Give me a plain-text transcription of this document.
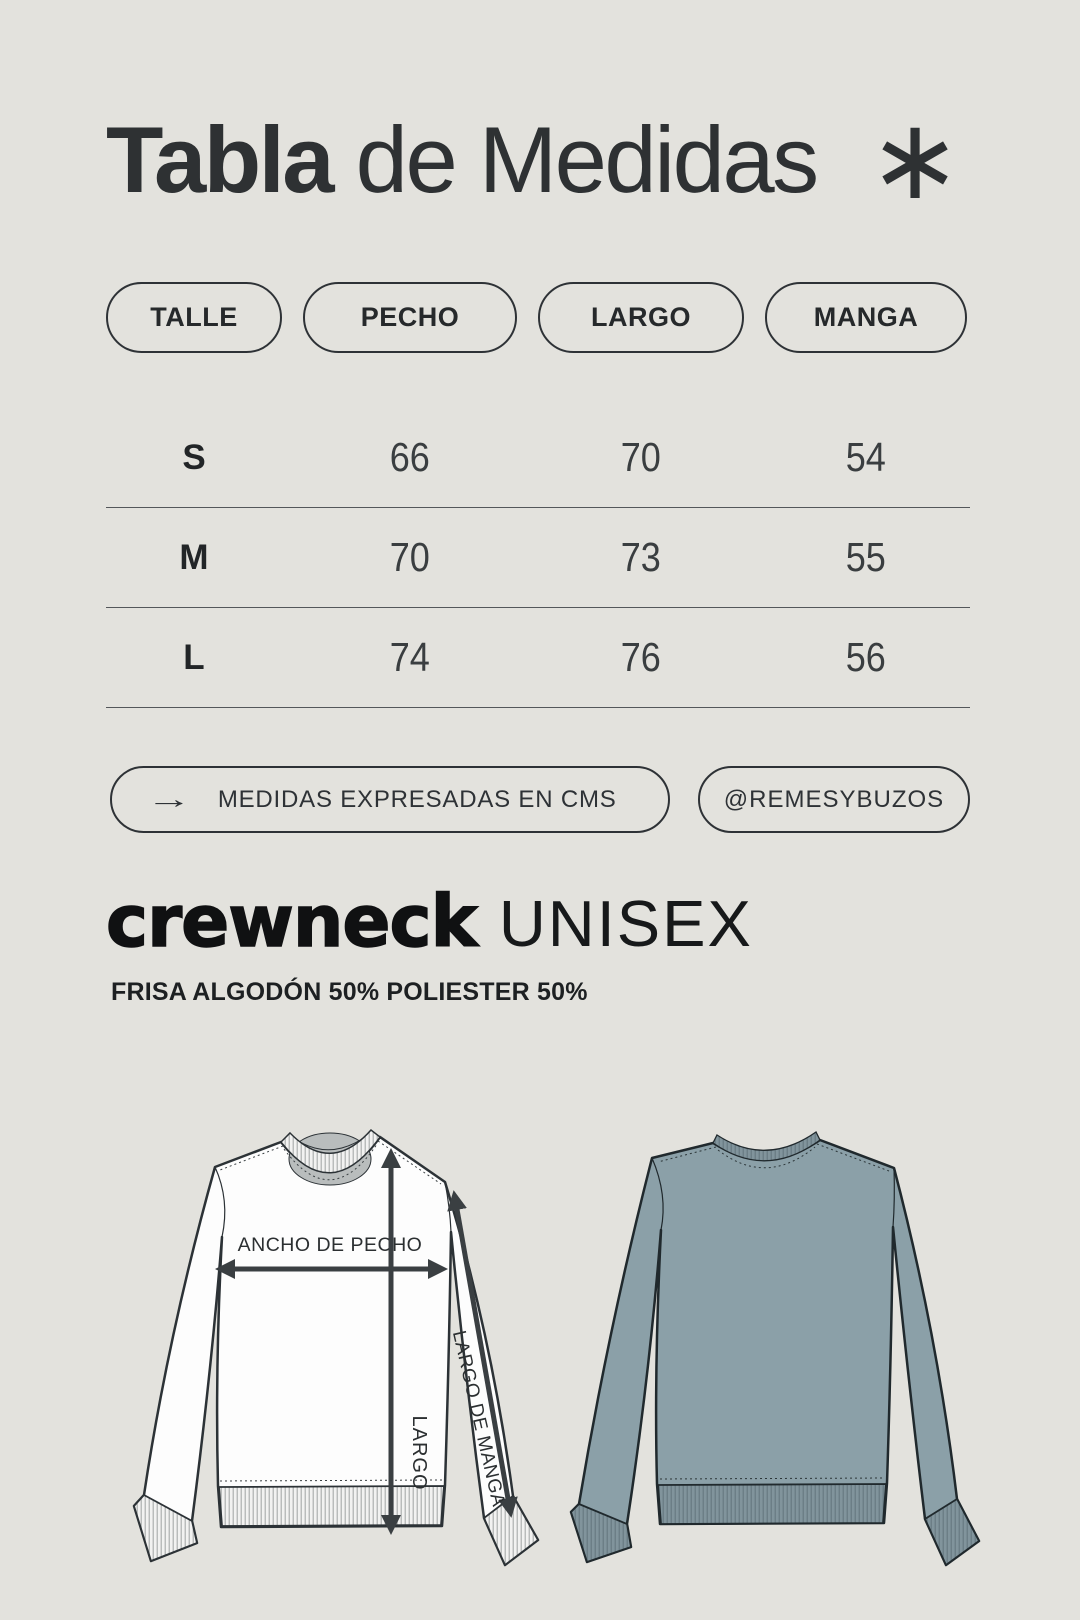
Tabla de Medidas ∗
TALLE	PECHO	LARGO	MANGA
S	66	70	54
M	70	73	55
L	74	76	56
→ MEDIDAS EXPRESADAS EN CMS	@REMESYBUZOS
crewneck UNISEX
FRISA ALGODÓN 50% POLIESTER 50%
ANCHO DE PECHO
LARGO LARGO DE MANGA
